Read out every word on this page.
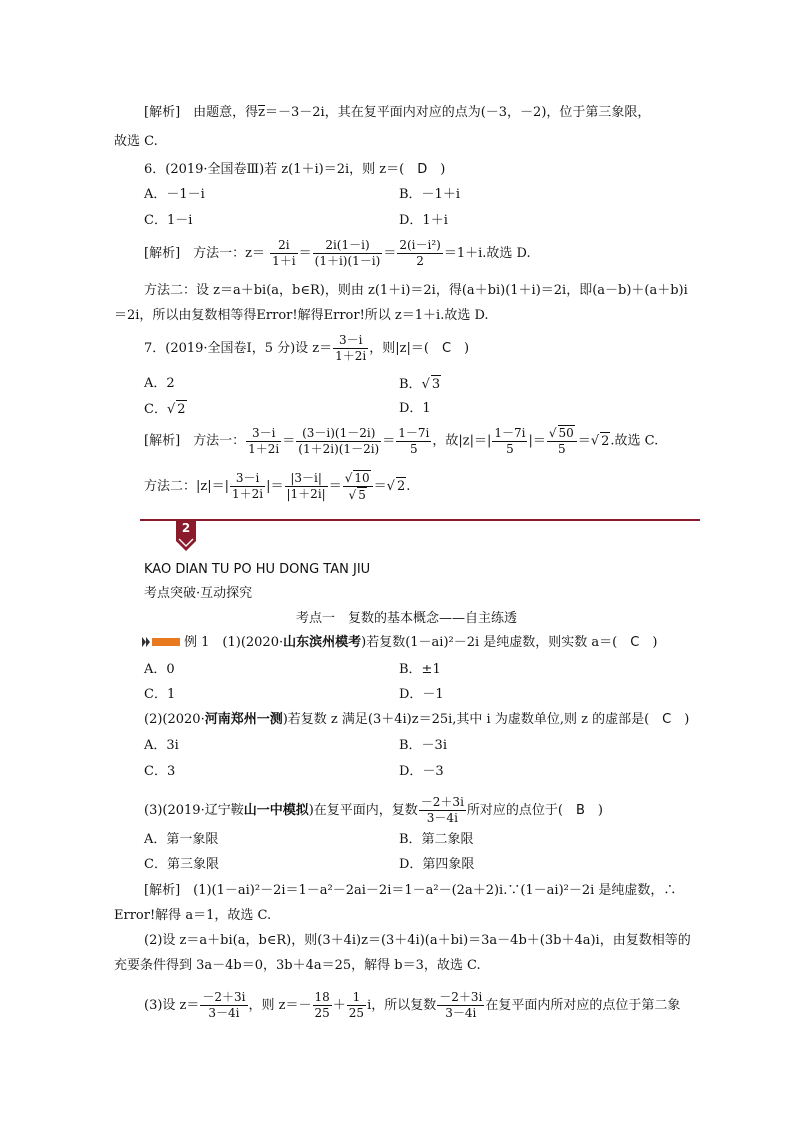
[解析]　由题意，得z＝－3－2i，其在复平面内对应的点为(－3，－2)，位于第三象限，
故选 C.
6．(2019·全国卷Ⅲ)若 z(1＋i)＝2i，则 z＝(　D　)
A．－1－i	B．－1＋i
C．1－i	D．1＋i
[解析]　方法一：$z= \frac{2i}{1+i} = \frac{2i(1-i)}{(1+i)(1-i)} = \frac{\text{2(i－i²)}}{2} =1+i$.故选 D.
方法二：设 z＝a＋bi(a，b∈R)，则由 z(1＋i)＝2i，得(a＋bi)(1＋i)＝2i，即(a－b)＋(a＋b)i
＝2i，所以由复数相等得Error!解得Error!所以 z＝1＋i.故选 D.
7．(2019·全国卷Ⅰ，5 分)设 $z= \frac{3-i}{1+2i}$ ，则|z|＝(　C　)
A．2	B．√ 3
C．√ 2	D．1
[解析]　方法一： $\frac{3-i}{1+2i} = \frac{(3-i)(1-2i)}{(1+2i)(1-2i)} = \frac{1-7i}{5}$ ，故$|z|=| \frac{1-7i}{5}$ |＝ $\frac{√ 50}{5}$ ＝√ 2.故选 C.
方法二：$|z|=| \frac{3-i}{1+2i}$ |＝ $\frac{|3-i|}{|1+2i|} = \frac{√ 10}{√ 5}$ ＝√ 2.
2
KAO DIAN TU PO HU DONG TAN JIU
考点突破·互动探究
考点一　复数的基本概念——自主练透
例 1　(1)(2020·山东滨州模考)若复数(1－ai)²－2i 是纯虚数，则实数 a＝(　C　)
A．0	B．±1
C．1	D．－1
(2)(2020·河南郑州一测)若复数 z 满足(3＋4i)z＝25i,其中 i 为虚数单位,则 z 的虚部是(　C　)
A．3i	B．－3i
C．3	D．－3
(3)(2019·辽宁鞍山一中模拟)在复平面内，复数 $\frac{-2+3i}{3-4i}$ 所对应的点位于(　B　)
A．第一象限	B．第二象限
C．第三象限	D．第四象限
[解析]　(1)(1－ai)²－2i＝1－a²－2ai－2i＝1－a²－(2a＋2)i.∵(1－ai)²－2i 是纯虚数，∴
Error!解得 a＝1，故选 C.
(2)设 z＝a＋bi(a，b∈R)，则(3＋4i)z＝(3＋4i)(a＋bi)＝3a－4b＋(3b＋4a)i，由复数相等的
充要条件得到 3a－4b＝0，3b＋4a＝25，解得 b＝3，故选 C.
(3)设 $z= \frac{-2+3i}{3-4i}$ ，则 $z=- \frac{18}{25} + \frac{1}{25}$ i，所以复数 $\frac{-2+3i}{3-4i}$ 在复平面内所对应的点位于第二象
